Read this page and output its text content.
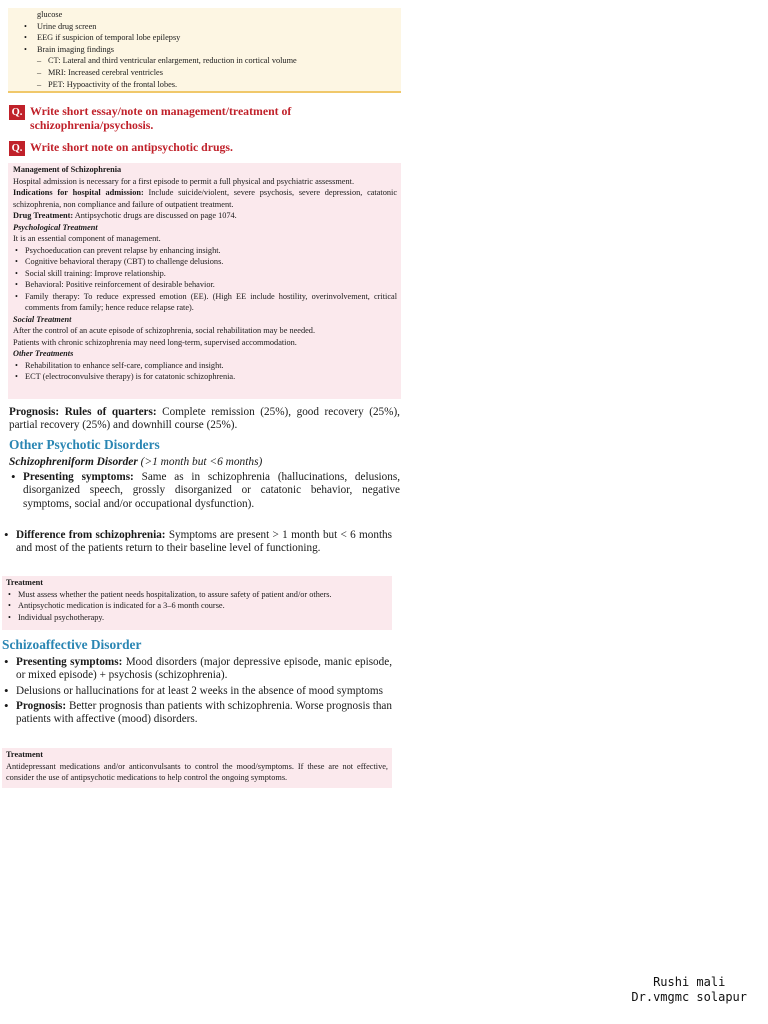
glucose
• Urine drug screen
• EEG if suspicion of temporal lobe epilepsy
• Brain imaging findings
– CT: Lateral and third ventricular enlargement, reduction in cortical volume
– MRI: Increased cerebral ventricles
– PET: Hypoactivity of the frontal lobes.
Q. Write short essay/note on management/treatment of schizophrenia/psychosis.
Q. Write short note on antipsychotic drugs.

Management of Schizophrenia

Hospital admission is necessary for a first episode to permit a full physical and psychiatric assessment.

Indications for hospital admission: Include suicide/violent, severe psychosis, severe depression, catatonic schizophrenia, non compliance and failure of outpatient treatment.

Drug Treatment: Antipsychotic drugs are discussed on page 1074.

Psychological Treatment

It is an essential component of management.

• Psychoeducation can prevent relapse by enhancing insight.
• Cognitive behavioral therapy (CBT) to challenge delusions.
• Social skill training: Improve relationship.
• Behavioral: Positive reinforcement of desirable behavior.
• Family therapy: To reduce expressed emotion (EE). (High EE include hostility, overinvolvement, critical comments from family; hence reduce relapse rate).

Social Treatment

After the control of an acute episode of schizophrenia, social rehabilitation may be needed.

Patients with chronic schizophrenia may need long-term, supervised accommodation.

Other Treatments

• Rehabilitation to enhance self-care, compliance and insight.
• ECT (electroconvulsive therapy) is for catatonic schizophrenia.

Prognosis: Rules of quarters: Complete remission (25%), good recovery (25%), partial recovery (25%) and downhill course (25%).

Other Psychotic Disorders
Schizophreniform Disorder (>1 month but <6 months)
• Presenting symptoms: Same as in schizophrenia (hallucinations, delusions, disorganized speech, grossly disorganized or catatonic behavior, negative symptoms, social and/or occupational dysfunction).
• Difference from schizophrenia: Symptoms are present > 1 month but < 6 months and most of the patients return to their baseline level of functioning.

Treatment

• Must assess whether the patient needs hospitalization, to assure safety of patient and/or others.
• Antipsychotic medication is indicated for a 3–6 month course.
• Individual psychotherapy.
Schizoaffective Disorder
• Presenting symptoms: Mood disorders (major depressive episode, manic episode, or mixed episode) + psychosis (schizophrenia).
• Delusions or hallucinations for at least 2 weeks in the absence of mood symptoms
• Prognosis: Better prognosis than patients with schizophrenia. Worse prognosis than patients with affective (mood) disorders.

Treatment

Antidepressant medications and/or anticonvulsants to control the mood/symptoms. If these are not effective, consider the use of antipsychotic medications to help control the ongoing symptoms.

Rushi mali
Dr.vmgmc solapur
